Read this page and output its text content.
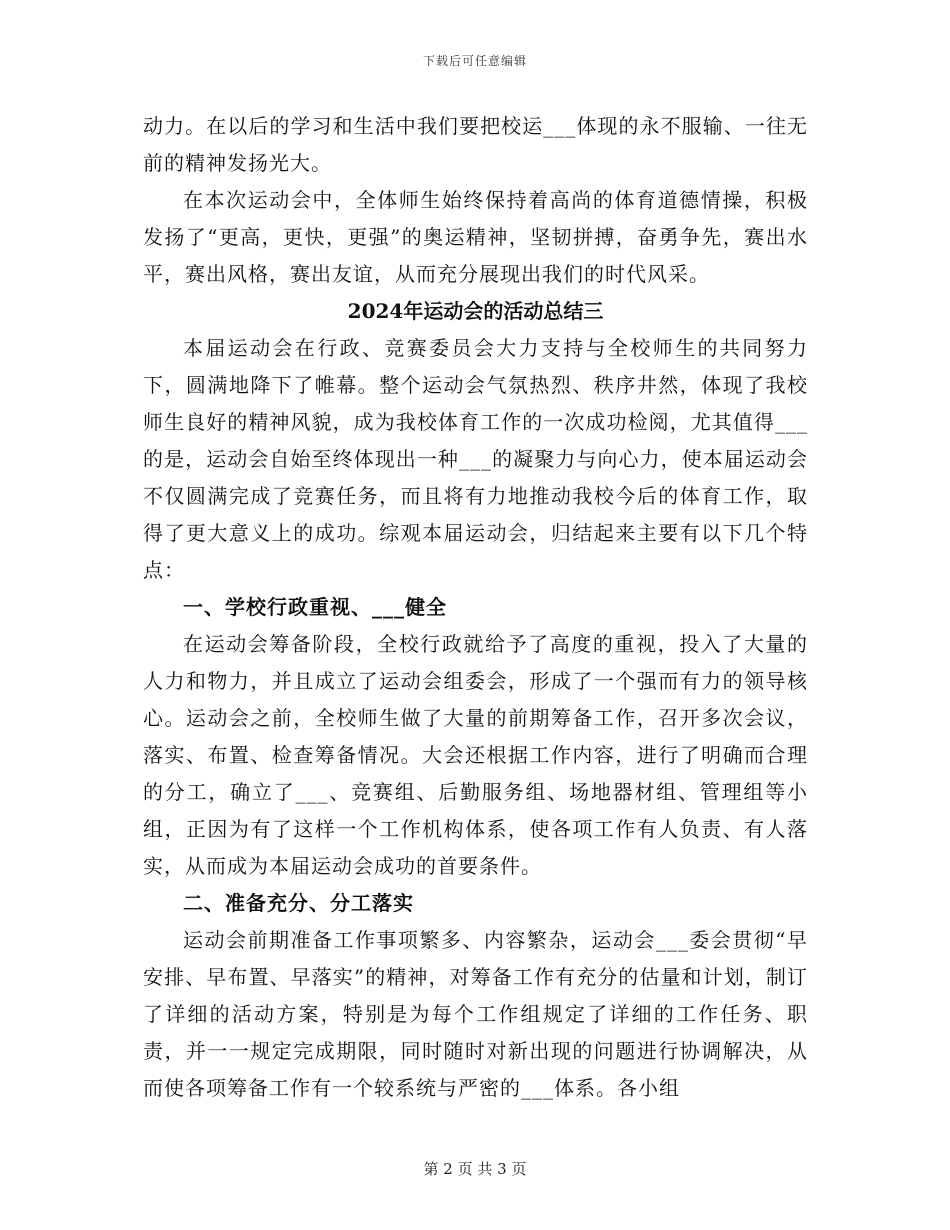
下载后可任意编辑

动力。在以后的学习和生活中我们要把校运___体现的永不服输、一往无前的精神发扬光大。

在本次运动会中，全体师生始终保持着高尚的体育道德情操，积极发扬了“更高，更快，更强”的奥运精神，坚韧拼搏，奋勇争先，赛出水平，赛出风格，赛出友谊，从而充分展现出我们的时代风采。

2024年运动会的活动总结三

本届运动会在行政、竞赛委员会大力支持与全校师生的共同努力下，圆满地降下了帷幕。整个运动会气氛热烈、秩序井然，体现了我校师生良好的精神风貌，成为我校体育工作的一次成功检阅，尤其值得___的是，运动会自始至终体现出一种___的凝聚力与向心力，使本届运动会不仅圆满完成了竞赛任务，而且将有力地推动我校今后的体育工作，取得了更大意义上的成功。综观本届运动会，归结起来主要有以下几个特点：

一、学校行政重视、___健全

在运动会筹备阶段，全校行政就给予了高度的重视，投入了大量的人力和物力，并且成立了运动会组委会，形成了一个强而有力的领导核心。运动会之前，全校师生做了大量的前期筹备工作，召开多次会议，落实、布置、检查筹备情况。大会还根据工作内容，进行了明确而合理的分工，确立了___、竞赛组、后勤服务组、场地器材组、管理组等小组，正因为有了这样一个工作机构体系，使各项工作有人负责、有人落实，从而成为本届运动会成功的首要条件。

二、准备充分、分工落实

运动会前期准备工作事项繁多、内容繁杂，运动会___委会贯彻“早安排、早布置、早落实”的精神，对筹备工作有充分的估量和计划，制订了详细的活动方案，特别是为每个工作组规定了详细的工作任务、职责，并一一规定完成期限，同时随时对新出现的问题进行协调解决，从而使各项筹备工作有一个较系统与严密的___体系。各小组

第 2 页 共 3 页
